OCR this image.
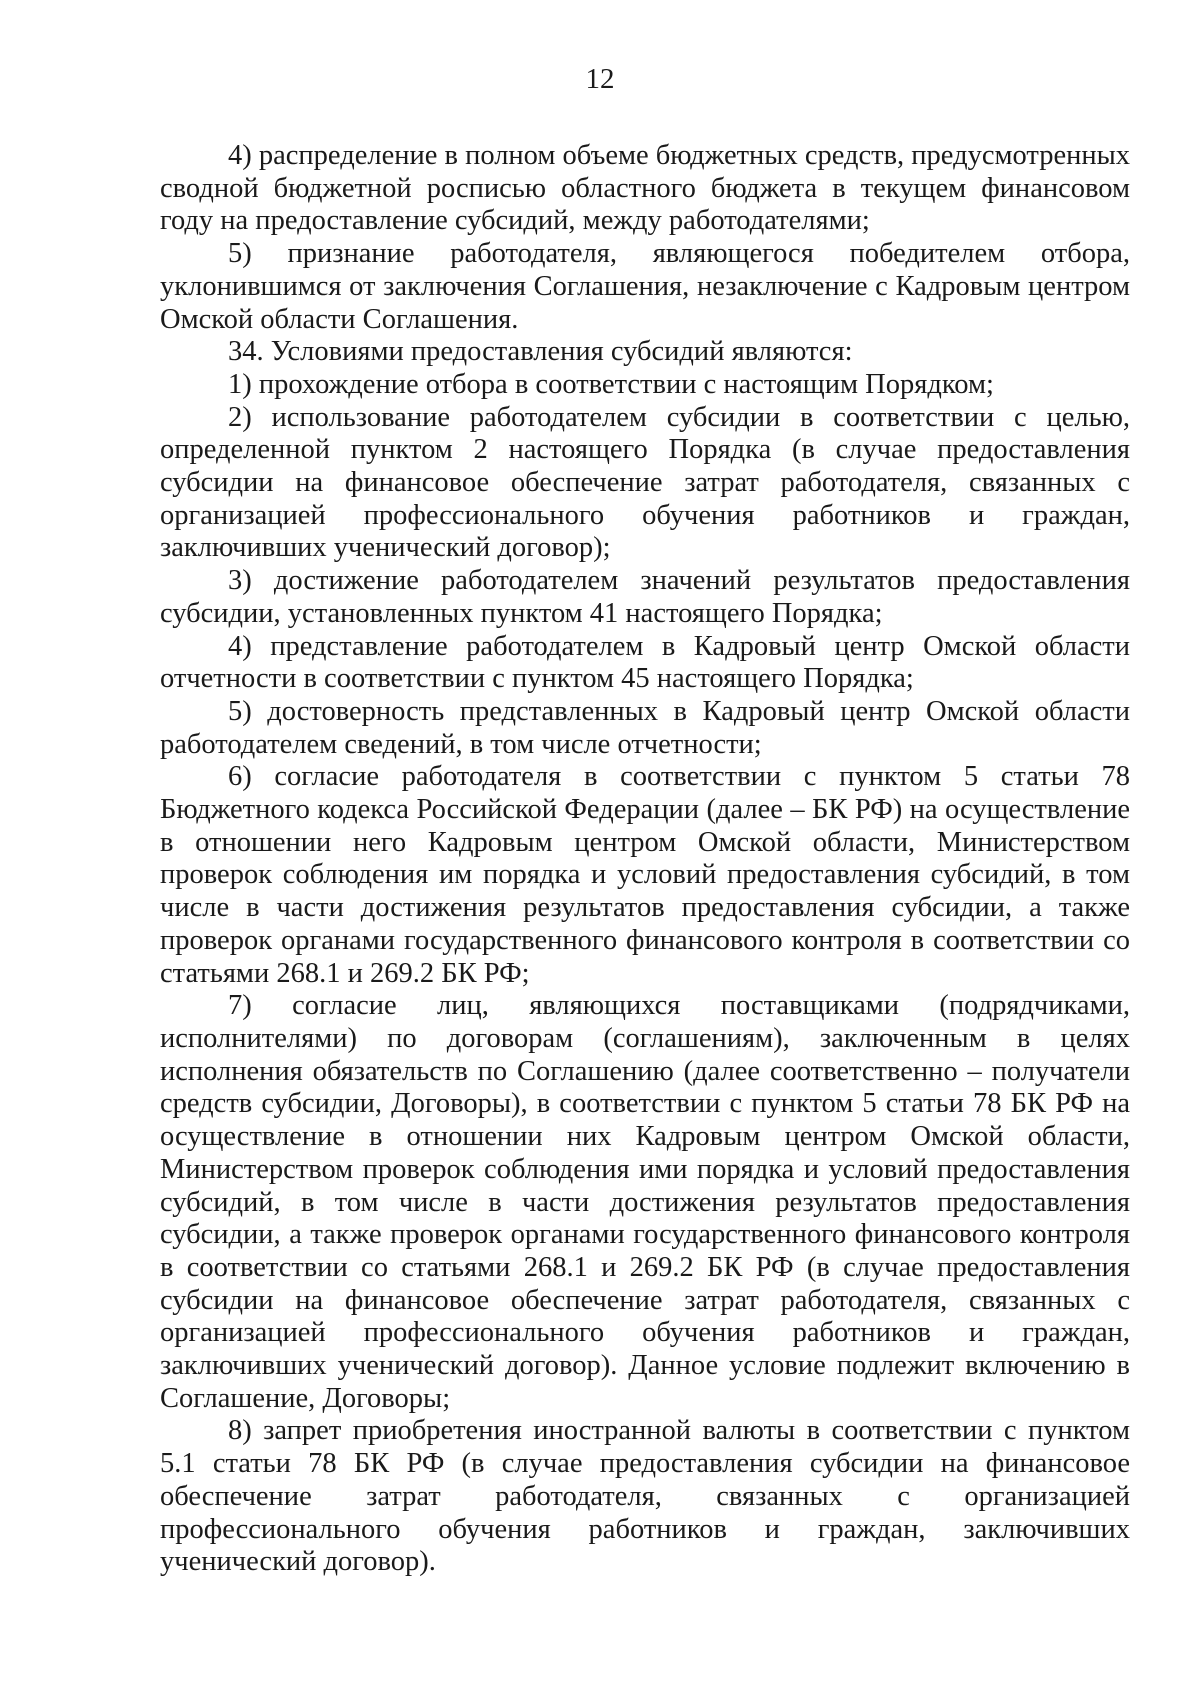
12

4) распределение в полном объеме бюджетных средств, предусмотренных сводной бюджетной росписью областного бюджета в текущем финансовом году на предоставление субсидий, между работодателями;

5) признание работодателя, являющегося победителем отбора, уклонившимся от заключения Соглашения, незаключение с Кадровым центром Омской области Соглашения.

34. Условиями предоставления субсидий являются:

1) прохождение отбора в соответствии с настоящим Порядком;

2) использование работодателем субсидии в соответствии с целью, определенной пунктом 2 настоящего Порядка (в случае предоставления субсидии на финансовое обеспечение затрат работодателя, связанных с организацией профессионального обучения работников и граждан, заключивших ученический договор);

3) достижение работодателем значений результатов предоставления субсидии, установленных пунктом 41 настоящего Порядка;

4) представление работодателем в Кадровый центр Омской области отчетности в соответствии с пунктом 45 настоящего Порядка;

5) достоверность представленных в Кадровый центр Омской области работодателем сведений, в том числе отчетности;

6) согласие работодателя в соответствии с пунктом 5 статьи 78 Бюджетного кодекса Российской Федерации (далее – БК РФ) на осуществление в отношении него Кадровым центром Омской области, Министерством проверок соблюдения им порядка и условий предоставления субсидий, в том числе в части достижения результатов предоставления субсидии, а также проверок органами государственного финансового контроля в соответствии со статьями 268.1 и 269.2 БК РФ;

7) согласие лиц, являющихся поставщиками (подрядчиками, исполнителями) по договорам (соглашениям), заключенным в целях исполнения обязательств по Соглашению (далее соответственно – получатели средств субсидии, Договоры), в соответствии с пунктом 5 статьи 78 БК РФ на осуществление в отношении них Кадровым центром Омской области, Министерством проверок соблюдения ими порядка и условий предоставления субсидий, в том числе в части достижения результатов предоставления субсидии, а также проверок органами государственного финансового контроля в соответствии со статьями 268.1 и 269.2 БК РФ (в случае предоставления субсидии на финансовое обеспечение затрат работодателя, связанных с организацией профессионального обучения работников и граждан, заключивших ученический договор). Данное условие подлежит включению в Соглашение, Договоры;

8) запрет приобретения иностранной валюты в соответствии с пунктом 5.1 статьи 78 БК РФ (в случае предоставления субсидии на финансовое обеспечение затрат работодателя, связанных с организацией профессионального обучения работников и граждан, заключивших ученический договор).
